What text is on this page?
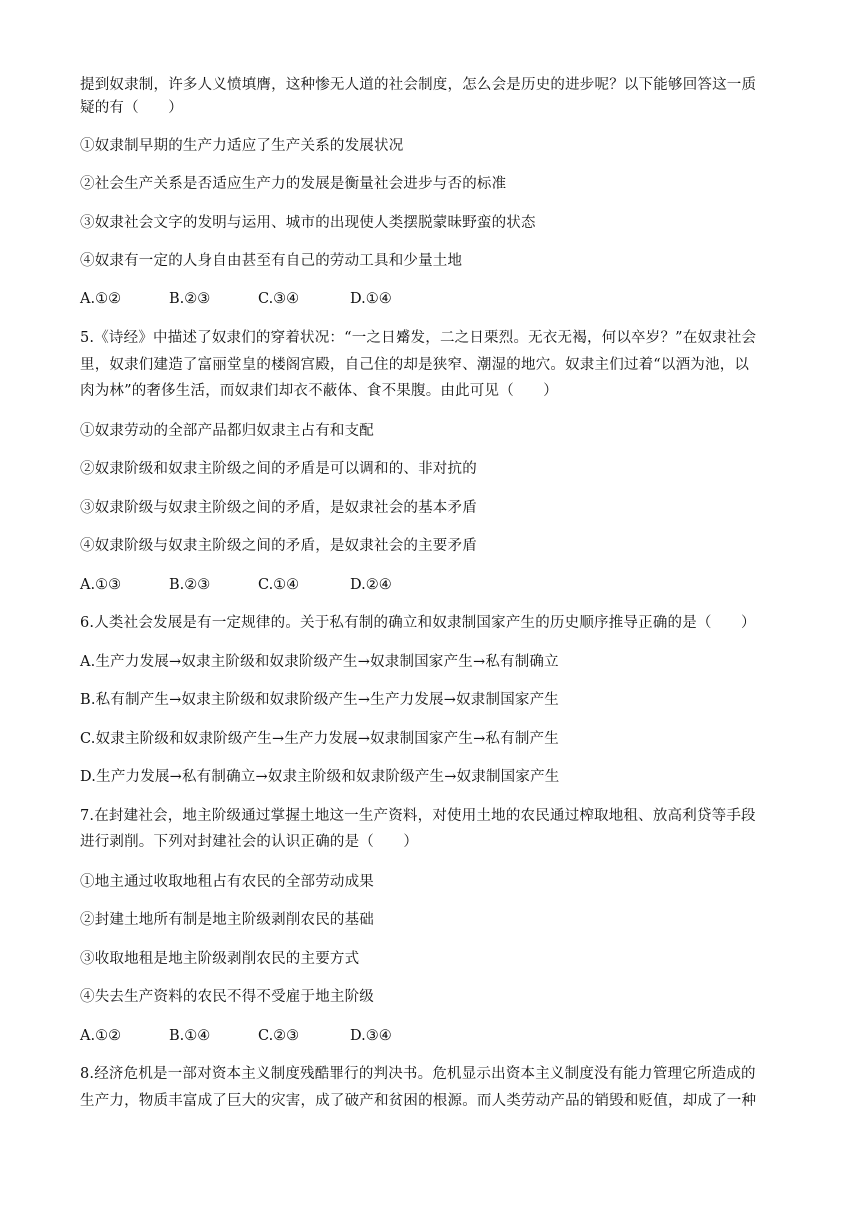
提到奴隶制，许多人义愤填膺，这种惨无人道的社会制度，怎么会是历史的进步呢？以下能够回答这一质
疑的有（　　）
①奴隶制早期的生产力适应了生产关系的发展状况
②社会生产关系是否适应生产力的发展是衡量社会进步与否的标准
③奴隶社会文字的发明与运用、城市的出现使人类摆脱蒙昧野蛮的状态
④奴隶有一定的人身自由甚至有自己的劳动工具和少量土地
A.①②	B.②③	C.③④	D.①④
5.《诗经》中描述了奴隶们的穿着状况：“一之日觱发，二之日栗烈。无衣无褐，何以卒岁？”在奴隶社会
里，奴隶们建造了富丽堂皇的楼阁宫殿，自己住的却是狭窄、潮湿的地穴。奴隶主们过着“以酒为池，以
肉为林”的奢侈生活，而奴隶们却衣不蔽体、食不果腹。由此可见（　　）
①奴隶劳动的全部产品都归奴隶主占有和支配
②奴隶阶级和奴隶主阶级之间的矛盾是可以调和的、非对抗的
③奴隶阶级与奴隶主阶级之间的矛盾，是奴隶社会的基本矛盾
④奴隶阶级与奴隶主阶级之间的矛盾，是奴隶社会的主要矛盾
A.①③	B.②③	C.①④	D.②④
6.人类社会发展是有一定规律的。关于私有制的确立和奴隶制国家产生的历史顺序推导正确的是（　　）
A.生产力发展→奴隶主阶级和奴隶阶级产生→奴隶制国家产生→私有制确立
B.私有制产生→奴隶主阶级和奴隶阶级产生→生产力发展→奴隶制国家产生
C.奴隶主阶级和奴隶阶级产生→生产力发展→奴隶制国家产生→私有制产生
D.生产力发展→私有制确立→奴隶主阶级和奴隶阶级产生→奴隶制国家产生
7.在封建社会，地主阶级通过掌握土地这一生产资料，对使用土地的农民通过榨取地租、放高利贷等手段
进行剥削。下列对封建社会的认识正确的是（　　）
①地主通过收取地租占有农民的全部劳动成果
②封建土地所有制是地主阶级剥削农民的基础
③收取地租是地主阶级剥削农民的主要方式
④失去生产资料的农民不得不受雇于地主阶级
A.①②	B.①④	C.②③	D.③④
8.经济危机是一部对资本主义制度残酷罪行的判决书。危机显示出资本主义制度没有能力管理它所造成的
生产力，物质丰富成了巨大的灾害，成了破产和贫困的根源。而人类劳动产品的销毁和贬值，却成了一种
